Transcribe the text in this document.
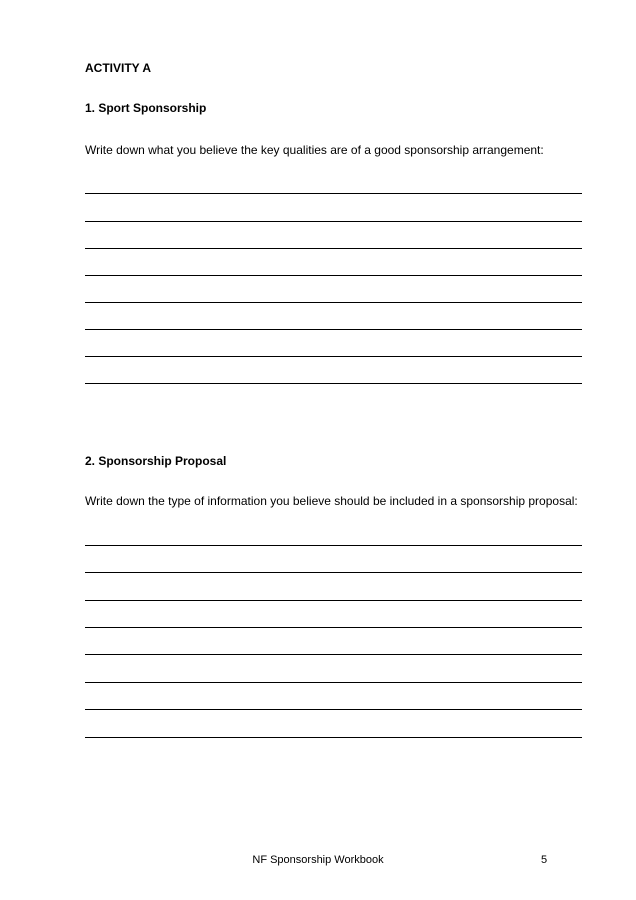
ACTIVITY A
1. Sport Sponsorship

Write down what you believe the key qualities are of a good sponsorship arrangement:

2. Sponsorship Proposal

Write down the type of information you believe should be included in a sponsorship proposal:

NF Sponsorship Workbook	5
